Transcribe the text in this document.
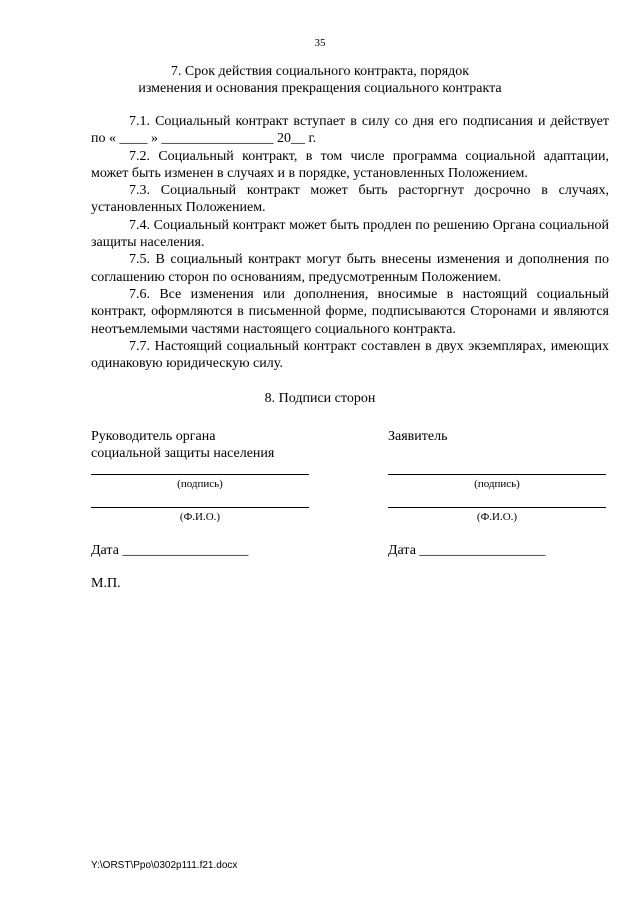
35
7. Срок действия социального контракта, порядок
изменения и основания прекращения социального контракта

7.1. Социальный контракт вступает в силу со дня его подписания и действует по « ____ » ________________ 20__ г.

7.2. Социальный контракт, в том числе программа социальной адаптации, может быть изменен в случаях и в порядке, установленных Положением.

7.3. Социальный контракт может быть расторгнут досрочно в случаях, установленных Положением.

7.4. Социальный контракт может быть продлен по решению Органа социальной защиты населения.

7.5. В социальный контракт могут быть внесены изменения и дополнения по соглашению сторон по основаниям, предусмотренным Положением.

7.6. Все изменения или дополнения, вносимые в настоящий социальный контракт, оформляются в письменной форме, подписываются Сторонами и являются неотъемлемыми частями настоящего социального контракта.

7.7. Настоящий социальный контракт составлен в двух экземплярах, имеющих одинаковую юридическую силу.

8. Подписи сторон
Руководитель органа
социальной защиты населения
(подпись)
(Ф.И.О.)
Дата __________________
М.П.
Заявитель
(подпись)
(Ф.И.О.)
Дата __________________
Y:\ORST\Ppo\0302p111.f21.docx
